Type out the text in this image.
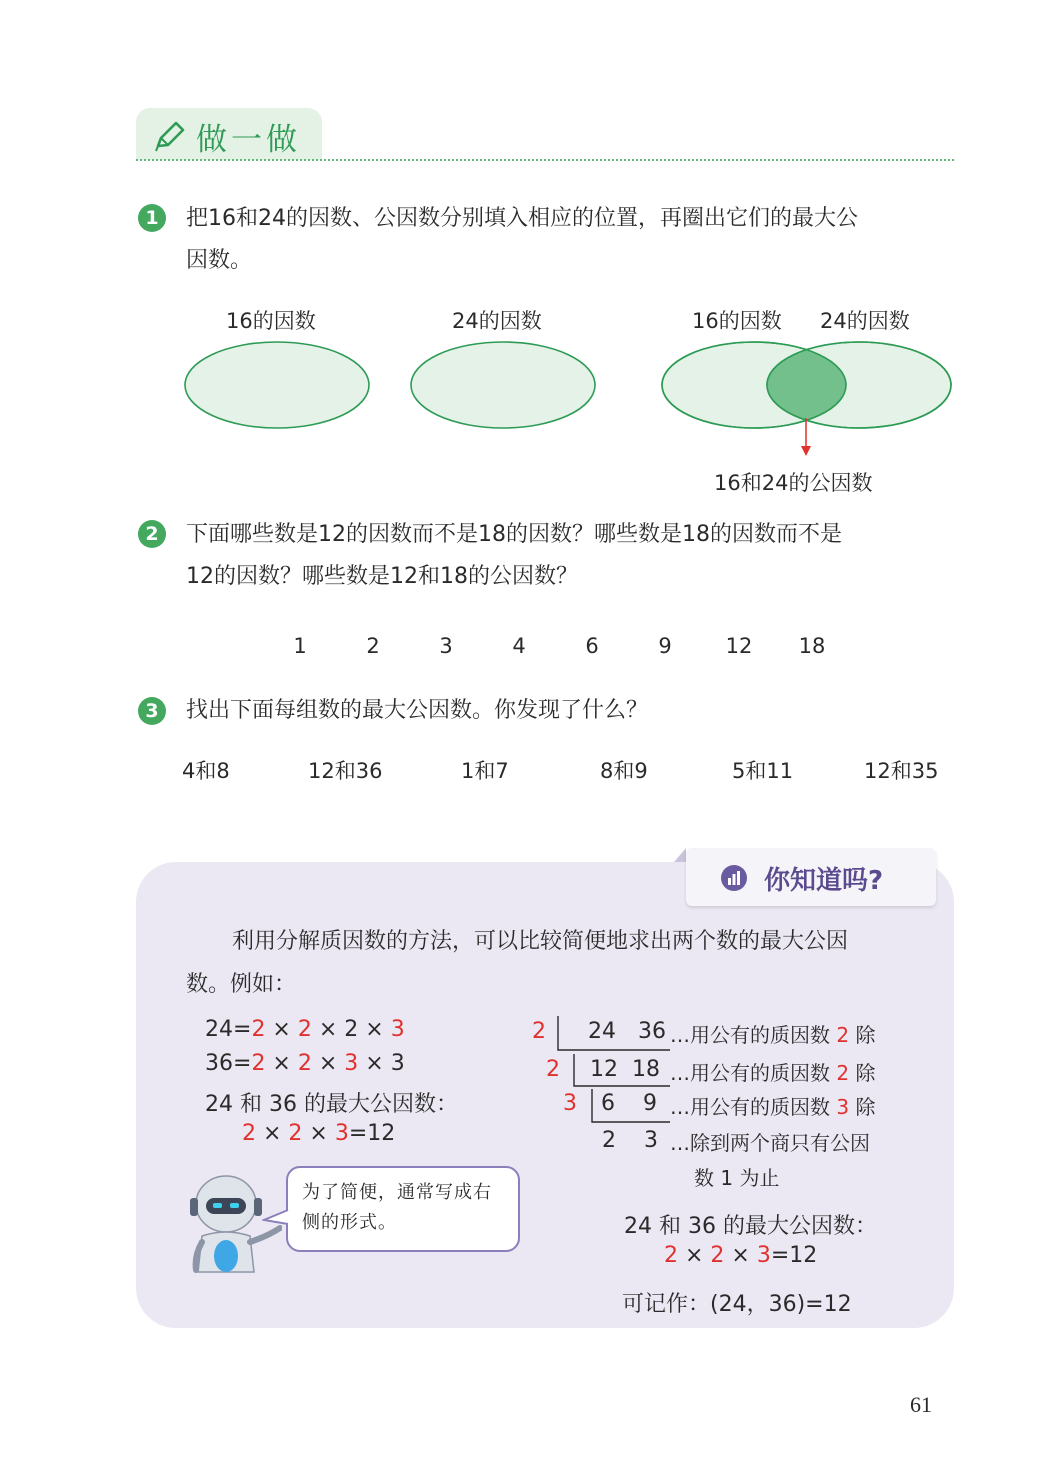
做一做
1	把16和24的因数、公因数分别填入相应的位置，再圈出它们的最大公
因数。
16的因数	24的因数	16的因数 24的因数
16和24的公因数
2	下面哪些数是12的因数而不是18的因数？哪些数是18的因数而不是
12的因数？哪些数是12和18的公因数？
1	2	3	4	6	9	12 18
3	找出下面每组数的最大公因数。你发现了什么？
4和8	12和36	1和7	8和9	5和11	12和35
你知道吗?
利用分解质因数的方法，可以比较简便地求出两个数的最大公因
数。例如：
24=2 × 2 × 2 × 3
36=2 × 2 × 3 × 3
24 和 36 的最大公因数：
2 × 2 × 3=12
为了简便，通常写成右侧的形式。
2 24  36 …用公有的质因数 2 除
2 12  18 …用公有的质因数 2 除
3 6    9 …用公有的质因数 3 除
2    3 …除到两个商只有公因
数 1 为止
24 和 36 的最大公因数：
2 × 2 × 3=12
可记作：(24，36)=12
61
